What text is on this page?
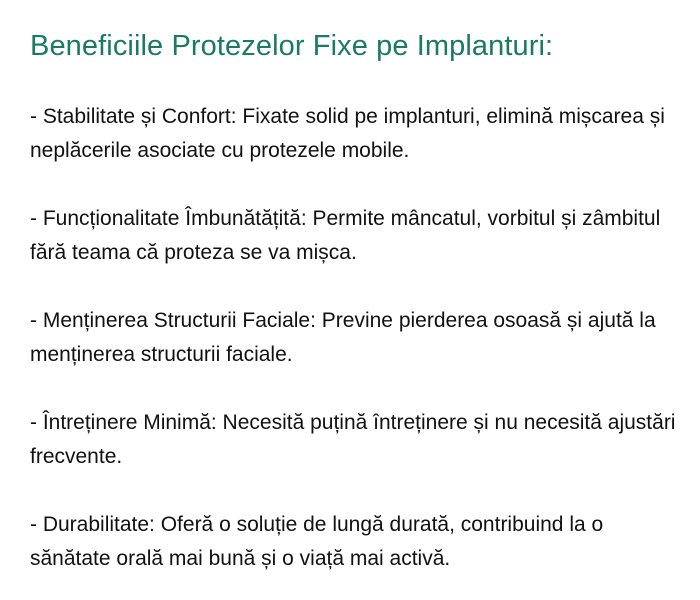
Beneficiile Protezelor Fixe pe Implanturi:

- Stabilitate și Confort: Fixate solid pe implanturi, elimină mișcarea și neplăcerile asociate cu protezele mobile.

- Funcționalitate Îmbunătățită: Permite mâncatul, vorbitul și zâmbitul fără teama că proteza se va mișca.

- Menținerea Structurii Faciale: Previne pierderea osoasă și ajută la menținerea structurii faciale.

- Întreținere Minimă: Necesită puțină întreținere și nu necesită ajustări frecvente.

- Durabilitate: Oferă o soluție de lungă durată, contribuind la o sănătate orală mai bună și o viață mai activă.
